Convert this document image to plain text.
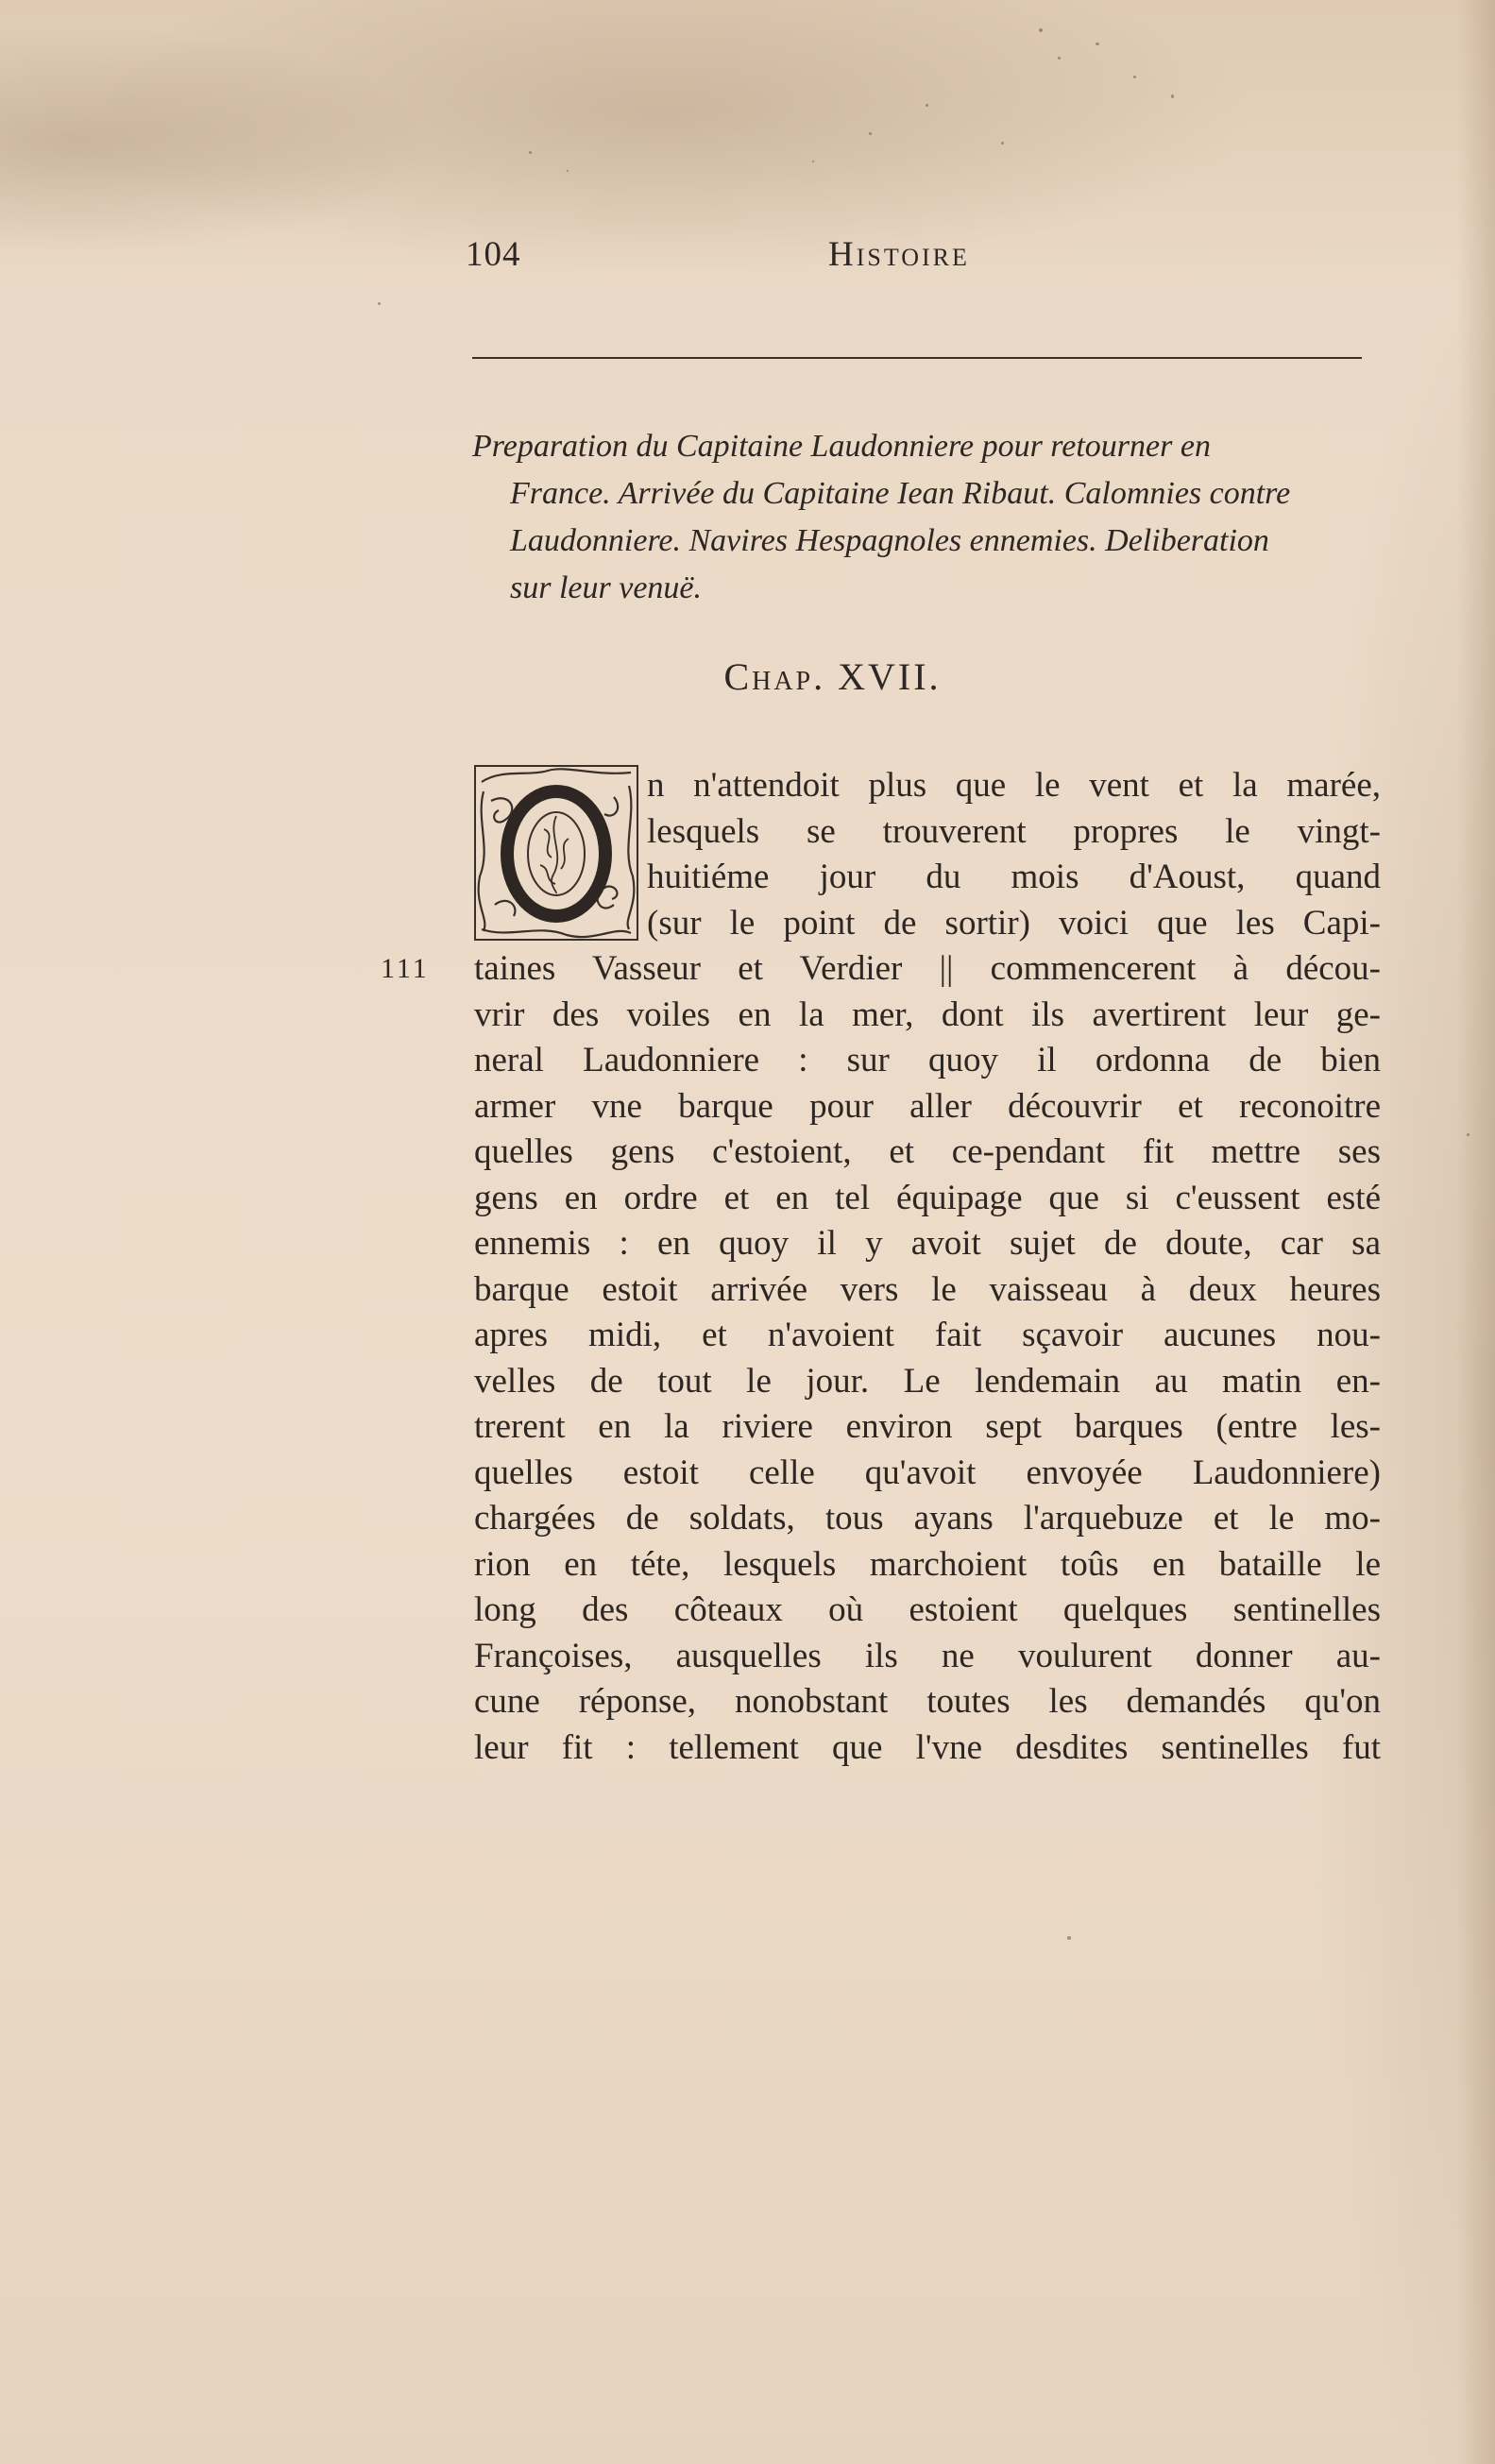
104	Histoire
Preparation du Capitaine Laudonniere pour retourner en
France. Arrivée du Capitaine Iean Ribaut. Calomnies contre
Laudonniere. Navires Hespagnoles ennemies. Deliberation
sur leur venuë.
Chap. XVII.
111
n n'attendoit plus que le vent et la marée,
lesquels se trouverent propres le vingt-
huitiéme jour du mois d'Aoust, quand
(sur le point de sortir) voici que les Capi-
taines Vasseur et Verdier || commencerent à décou-
vrir des voiles en la mer, dont ils avertirent leur ge-
neral Laudonniere : sur quoy il ordonna de bien
armer vne barque pour aller découvrir et reconoitre
quelles gens c'estoient, et ce-pendant fit mettre ses
gens en ordre et en tel équipage que si c'eussent esté
ennemis : en quoy il y avoit sujet de doute, car sa
barque estoit arrivée vers le vaisseau à deux heures
apres midi, et n'avoient fait sçavoir aucunes nou-
velles de tout le jour. Le lendemain au matin en-
trerent en la riviere environ sept barques (entre les-
quelles estoit celle qu'avoit envoyée Laudonniere)
chargées de soldats, tous ayans l'arquebuze et le mo-
rion en téte, lesquels marchoient toûs en bataille le
long des côteaux où estoient quelques sentinelles
Françoises, ausquelles ils ne voulurent donner au-
cune réponse, nonobstant toutes les demandés qu'on
leur fit : tellement que l'vne desdites sentinelles fut
